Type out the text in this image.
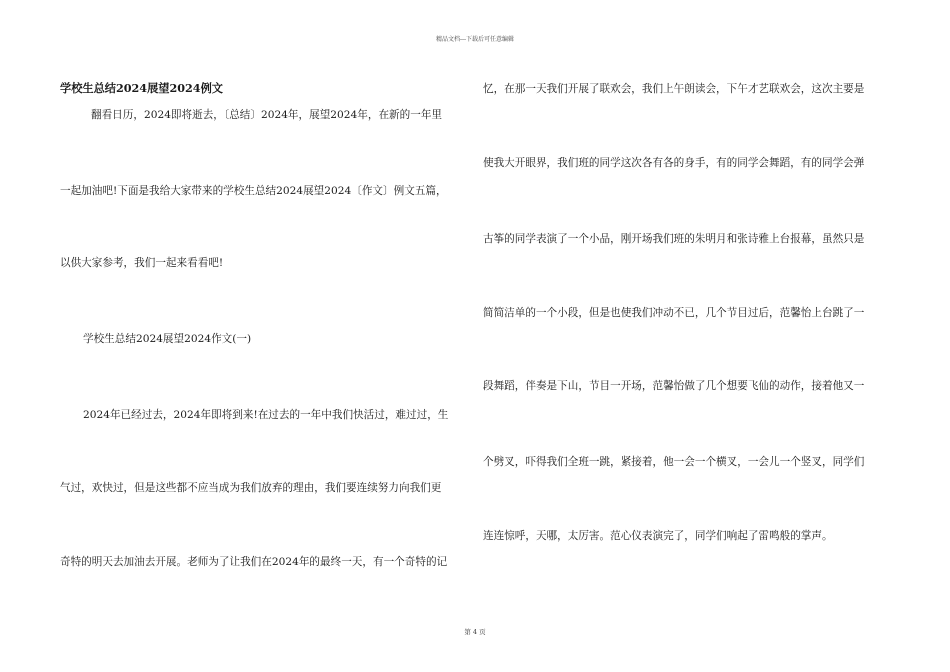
精品文档---下载后可任意编辑
学校生总结2024展望2024例文
翻看日历，2024即将逝去，〔总结〕2024年，展望2024年，在新的一年里
一起加油吧!下面是我给大家带来的学校生总结2024展望2024〔作文〕例文五篇，
以供大家参考，我们一起来看看吧!
学校生总结2024展望2024作文(一)
2024年已经过去，2024年即将到来!在过去的一年中我们快活过，难过过，生
气过，欢快过，但是这些都不应当成为我们放弃的理由，我们要连续努力向我们更
奇特的明天去加油去开展。老师为了让我们在2024年的最终一天，有一个奇特的记
忆，在那一天我们开展了联欢会，我们上午朗读会，下午才艺联欢会，这次主要是
使我大开眼界，我们班的同学这次各有各的身手，有的同学会舞蹈，有的同学会弹
古筝的同学表演了一个小品，刚开场我们班的朱明月和张诗雅上台报幕，虽然只是
简简洁单的一个小段，但是也使我们冲动不已，几个节目过后，范馨怡上台跳了一
段舞蹈，伴奏是下山，节目一开场，范馨怡做了几个想要飞仙的动作，接着他又一
个劈叉，吓得我们全班一跳，紧接着，他一会一个横叉，一会儿一个竖叉，同学们
连连惊呼，天哪，太厉害。范心仪表演完了，同学们响起了雷鸣般的掌声。
第 4 页
